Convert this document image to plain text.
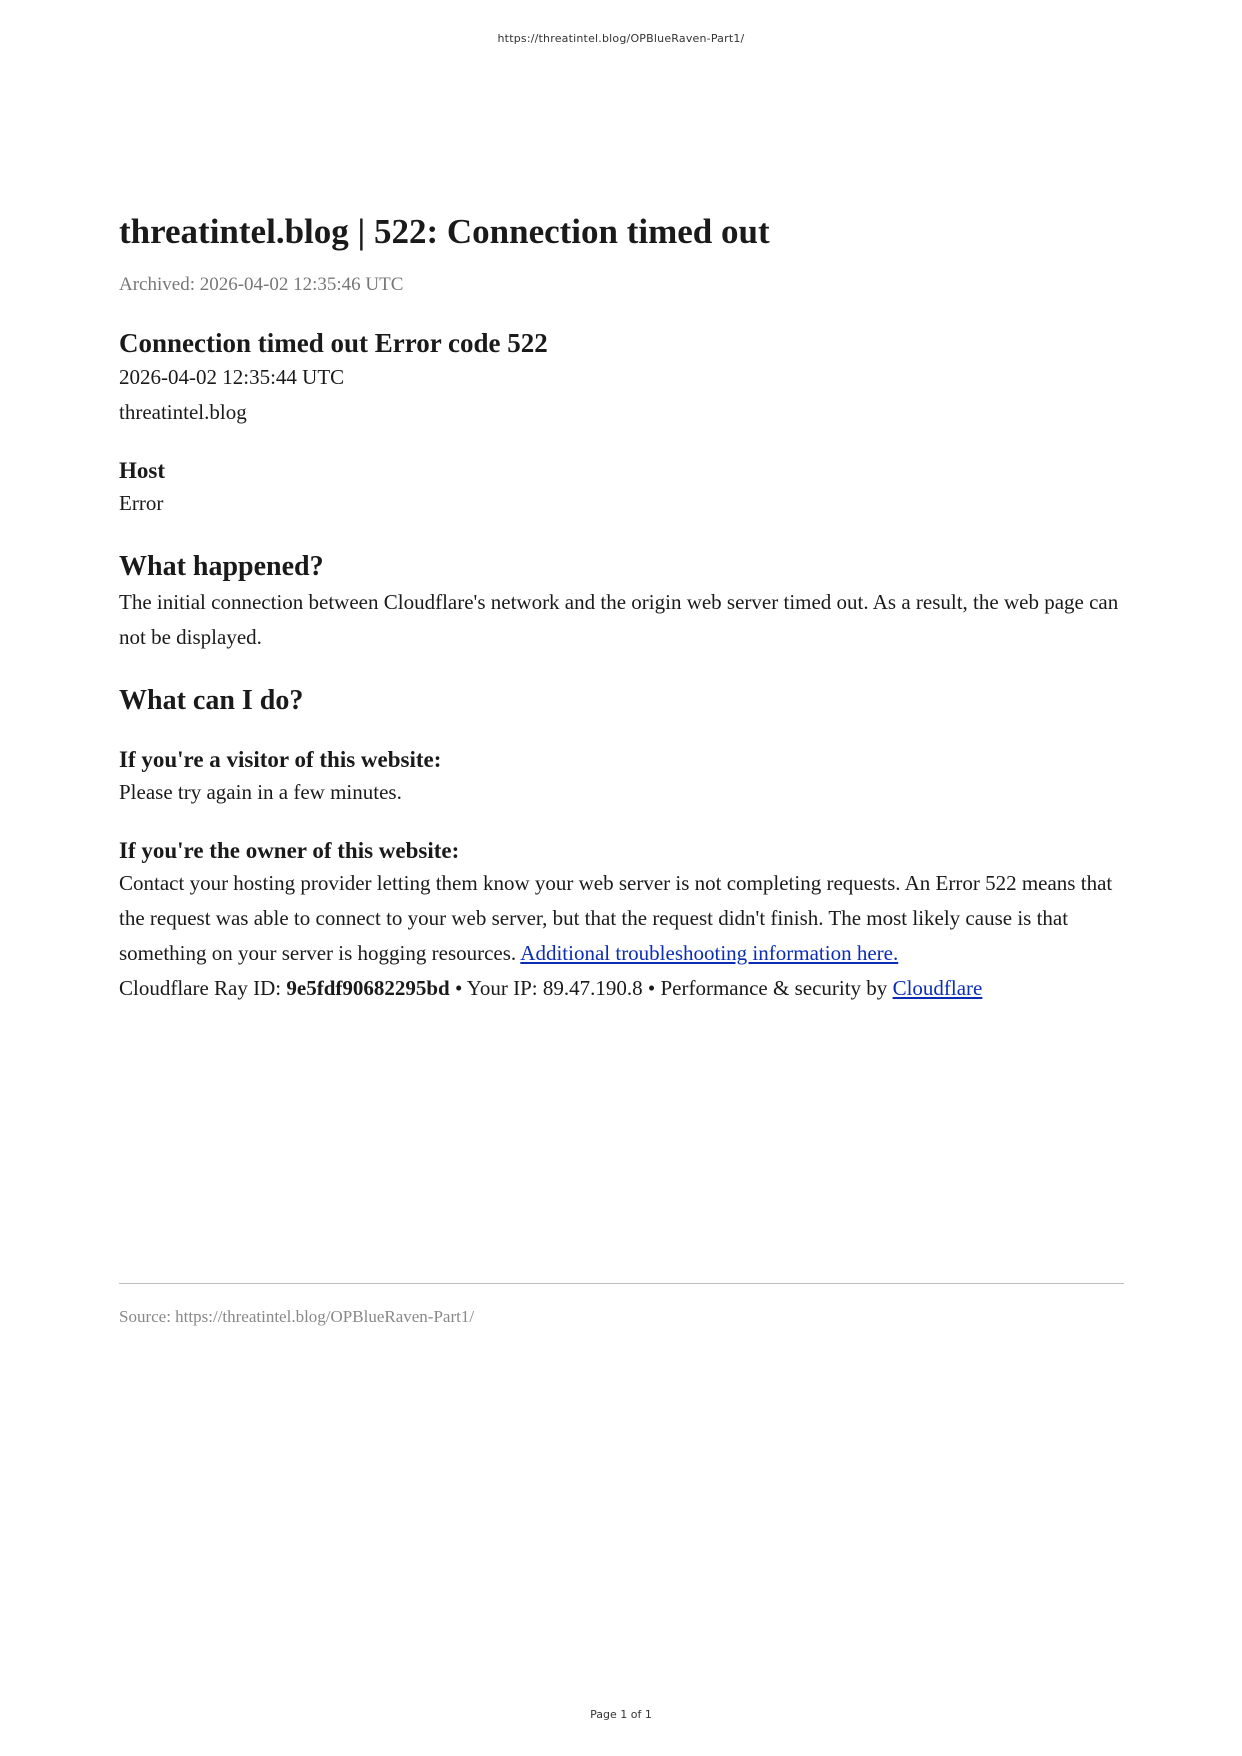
https://threatintel.blog/OPBlueRaven-Part1/
threatintel.blog | 522: Connection timed out
Archived: 2026-04-02 12:35:46 UTC
Connection timed out Error code 522

2026-04-02 12:35:44 UTC

threatintel.blog

Host

Error

What happened?

The initial connection between Cloudflare's network and the origin web server timed out. As a result, the web page can not be displayed.

What can I do?
If you're a visitor of this website:

Please try again in a few minutes.

If you're the owner of this website:

Contact your hosting provider letting them know your web server is not completing requests. An Error 522 means that the request was able to connect to your web server, but that the request didn't finish. The most likely cause is that something on your server is hogging resources. Additional troubleshooting information here.

Cloudflare Ray ID: 9e5fdf90682295bd • Your IP: 89.47.190.8 • Performance & security by Cloudflare

Source: https://threatintel.blog/OPBlueRaven-Part1/
Page 1 of 1
